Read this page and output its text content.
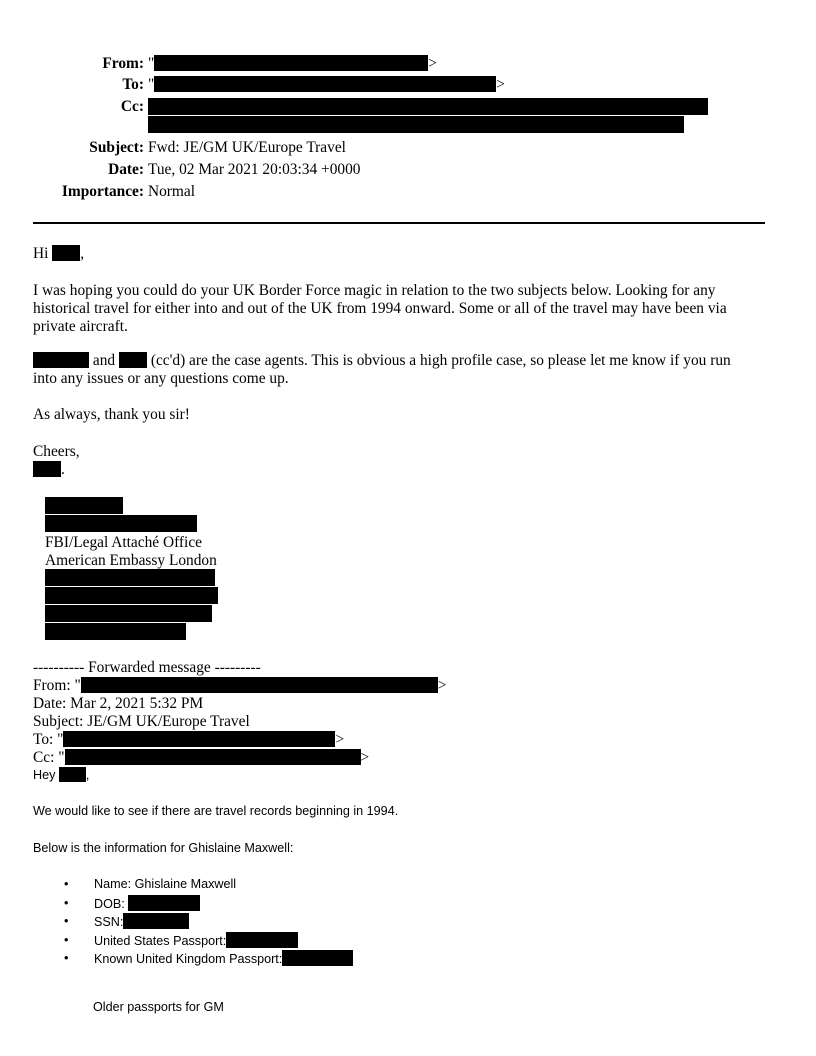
From: "	>
To: "	>
Cc:
Subject: Fwd: JE/GM UK/Europe Travel
Date: Tue, 02 Mar 2021 20:03:34 +0000
Importance: Normal
Hi ,
I was hoping you could do your UK Border Force magic in relation to the two subjects below. Looking for any historical travel for either into and out of the UK from 1994 onward. Some or all of the travel may have been via private aircraft.
and (cc'd) are the case agents. This is obvious a high profile case, so please let me know if you run
into any issues or any questions come up.
As always, thank you sir!
Cheers,
.
FBI/Legal Attaché Office
American Embassy London
---------- Forwarded message ---------
From: "	>
Date: Mar 2, 2021 5:32 PM
Subject: JE/GM UK/Europe Travel
To: "	>
Cc: "	>
Hey ,
We would like to see if there are travel records beginning in 1994.
Below is the information for Ghislaine Maxwell:
• Name: Ghislaine Maxwell
• DOB:
• SSN:
• United States Passport:
• Known United Kingdom Passport:
Older passports for GM
